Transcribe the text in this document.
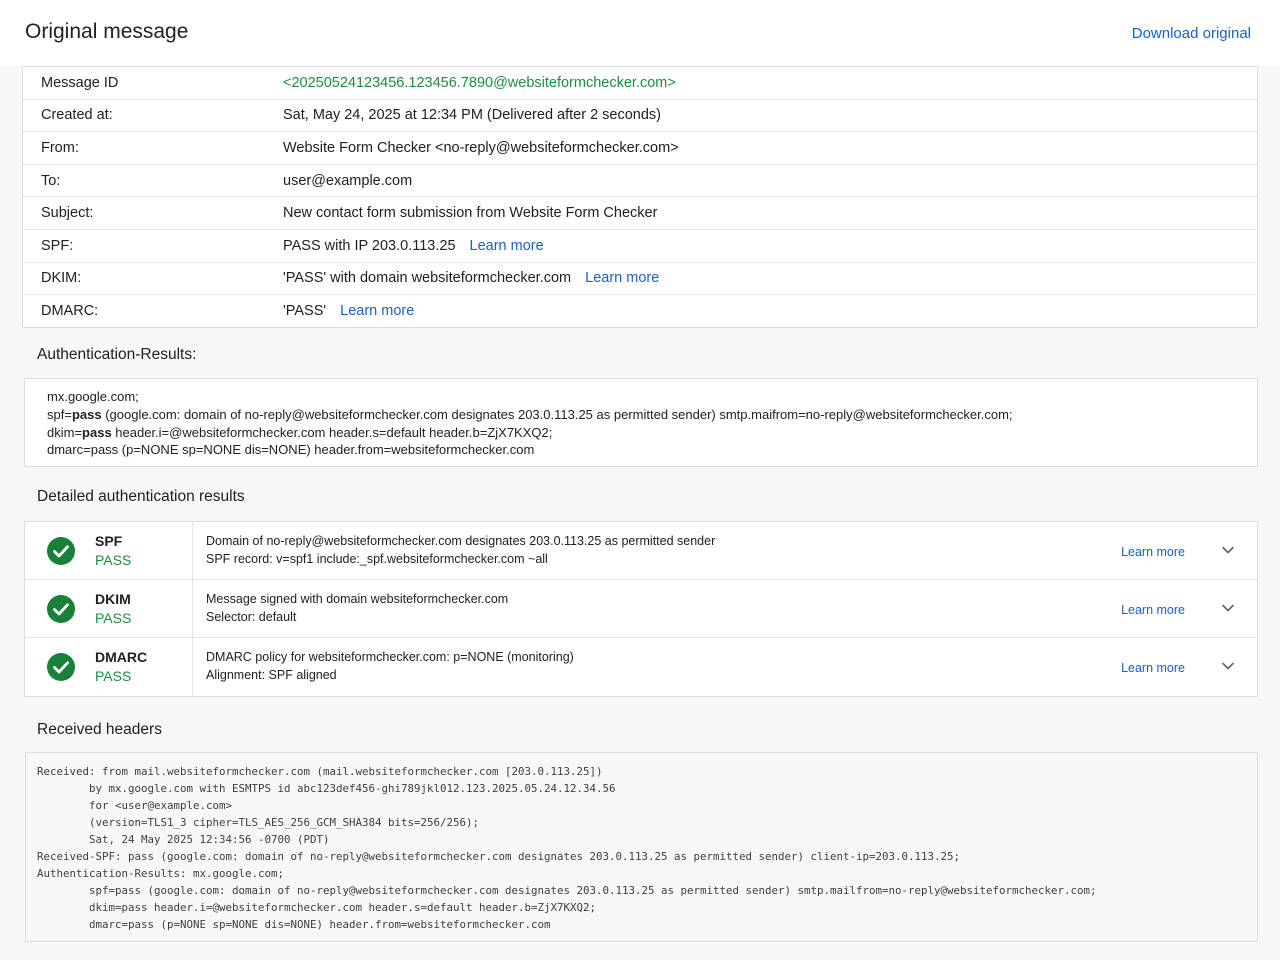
Original message	Download original
Message ID	<20250524123456.123456.7890@websiteformchecker.com>
Created at:	Sat, May 24, 2025 at 12:34 PM (Delivered after 2 seconds)
From:	Website Form Checker <no-reply@websiteformchecker.com>
To:	user@example.com
Subject:	New contact form submission from Website Form Checker
SPF:	PASS with IP 203.0.113.25 Learn more
DKIM:	'PASS' with domain websiteformchecker.com Learn more
DMARC:	'PASS' Learn more
Authentication-Results:
mx.google.com;
spf=pass (google.com: domain of no-reply@websiteformchecker.com designates 203.0.113.25 as permitted sender) smtp.maifrom=no-reply@websiteformchecker.com;
dkim=pass header.i=@websiteformchecker.com header.s=default header.b=ZjX7KXQ2;
dmarc=pass (p=NONE sp=NONE dis=NONE) header.from=websiteformchecker.com
Detailed authentication results
SPF
PASS
Domain of no-reply@websiteformchecker.com designates 203.0.113.25 as permitted sender
SPF record: v=spf1 include:_spf.websiteformchecker.com ~all	Learn more
DKIM
PASS
Message signed with domain websiteformchecker.com
Selector: default	Learn more
DMARC
PASS
DMARC policy for websiteformchecker.com: p=NONE (monitoring)
Alignment: SPF aligned	Learn more
Received headers
Received: from mail.websiteformchecker.com (mail.websiteformchecker.com [203.0.113.25])
by mx.google.com with ESMTPS id abc123def456-ghi789jkl012.123.2025.05.24.12.34.56
for <user@example.com>
(version=TLS1_3 cipher=TLS_AES_256_GCM_SHA384 bits=256/256);
Sat, 24 May 2025 12:34:56 -0700 (PDT)
Received-SPF: pass (google.com: domain of no-reply@websiteformchecker.com designates 203.0.113.25 as permitted sender) client-ip=203.0.113.25;
Authentication-Results: mx.google.com;
spf=pass (google.com: domain of no-reply@websiteformchecker.com designates 203.0.113.25 as permitted sender) smtp.mailfrom=no-reply@websiteformchecker.com;
dkim=pass header.i=@websiteformchecker.com header.s=default header.b=ZjX7KXQ2;
dmarc=pass (p=NONE sp=NONE dis=NONE) header.from=websiteformchecker.com
